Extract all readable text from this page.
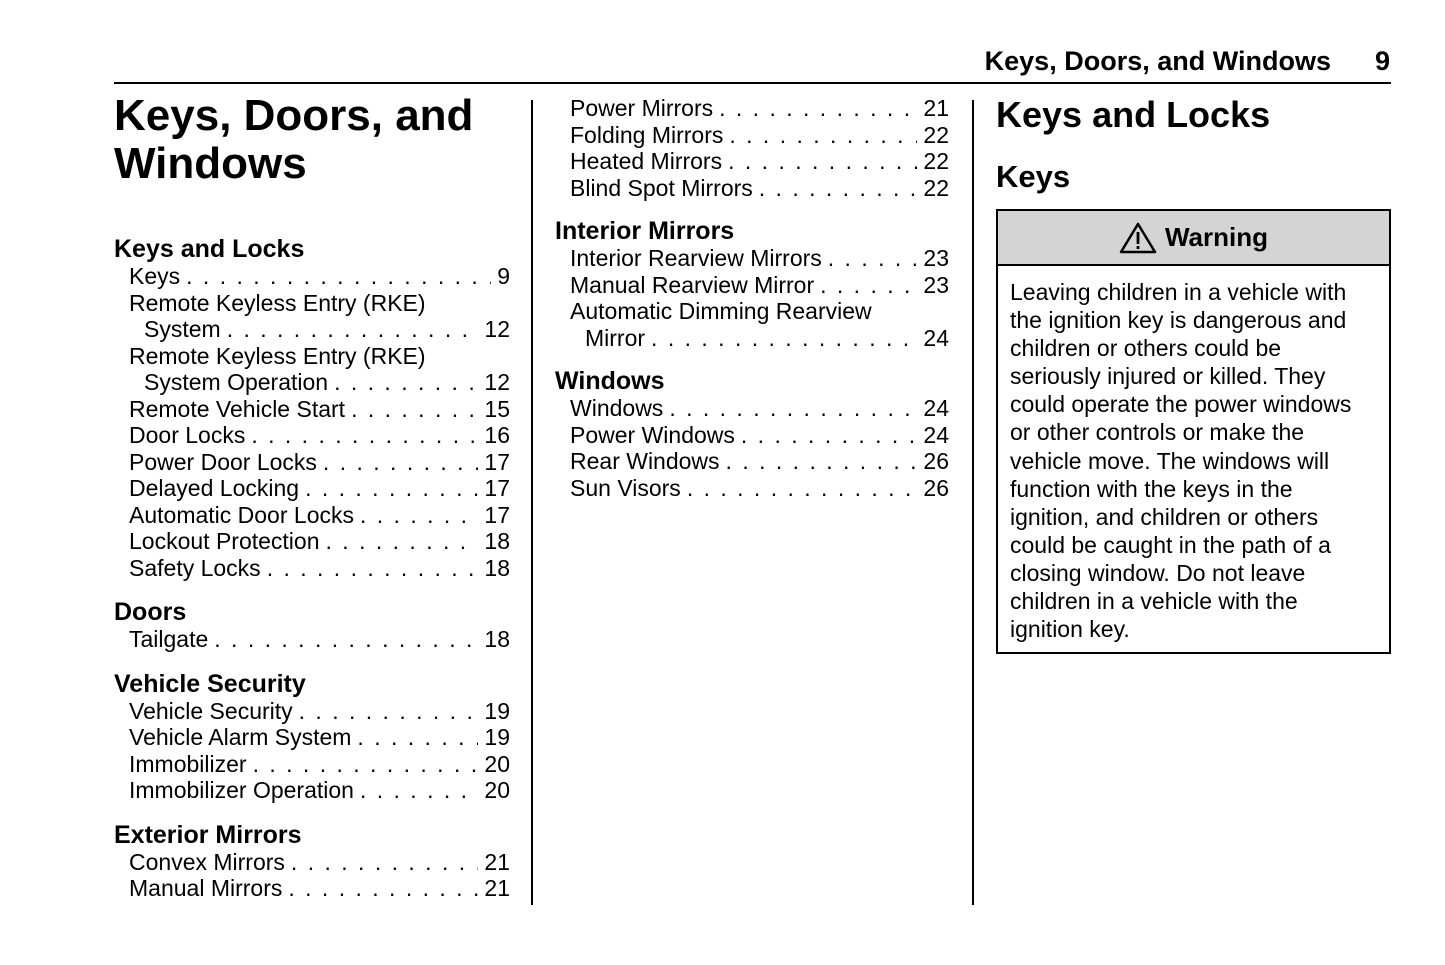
Keys, Doors, and Windows 9
Keys, Doors, and
Windows
Keys and Locks
Keys . . .	9
Remote Keyless Entry (RKE)
System . . .	12
Remote Keyless Entry (RKE)
System Operation . . .	12
Remote Vehicle Start . . .	15
Door Locks . . .	16
Power Door Locks . . .	17
Delayed Locking . . .	17
Automatic Door Locks . . .	17
Lockout Protection . . .	18
Safety Locks . . .	18
Doors
Tailgate . . .	18
Vehicle Security
Vehicle Security . . .	19
Vehicle Alarm System . . .	19
Immobilizer . . .	20
Immobilizer Operation . . .	20
Exterior Mirrors
Convex Mirrors . . .	21
Manual Mirrors . . .	21
Power Mirrors . . .	21
Folding Mirrors . . .	22
Heated Mirrors . . .	22
Blind Spot Mirrors . . .	22
Interior Mirrors
Interior Rearview Mirrors . . .	23
Manual Rearview Mirror . . .	23
Automatic Dimming Rearview
Mirror . . .	24
Windows
Windows . . .	24
Power Windows . . .	24
Rear Windows . . .	26
Sun Visors . . .	26
Keys and Locks
Keys
Warning
Leaving children in a vehicle with
the ignition key is dangerous and
children or others could be
seriously injured or killed. They
could operate the power windows
or other controls or make the
vehicle move. The windows will
function with the keys in the
ignition, and children or others
could be caught in the path of a
closing window. Do not leave
children in a vehicle with the
ignition key.
